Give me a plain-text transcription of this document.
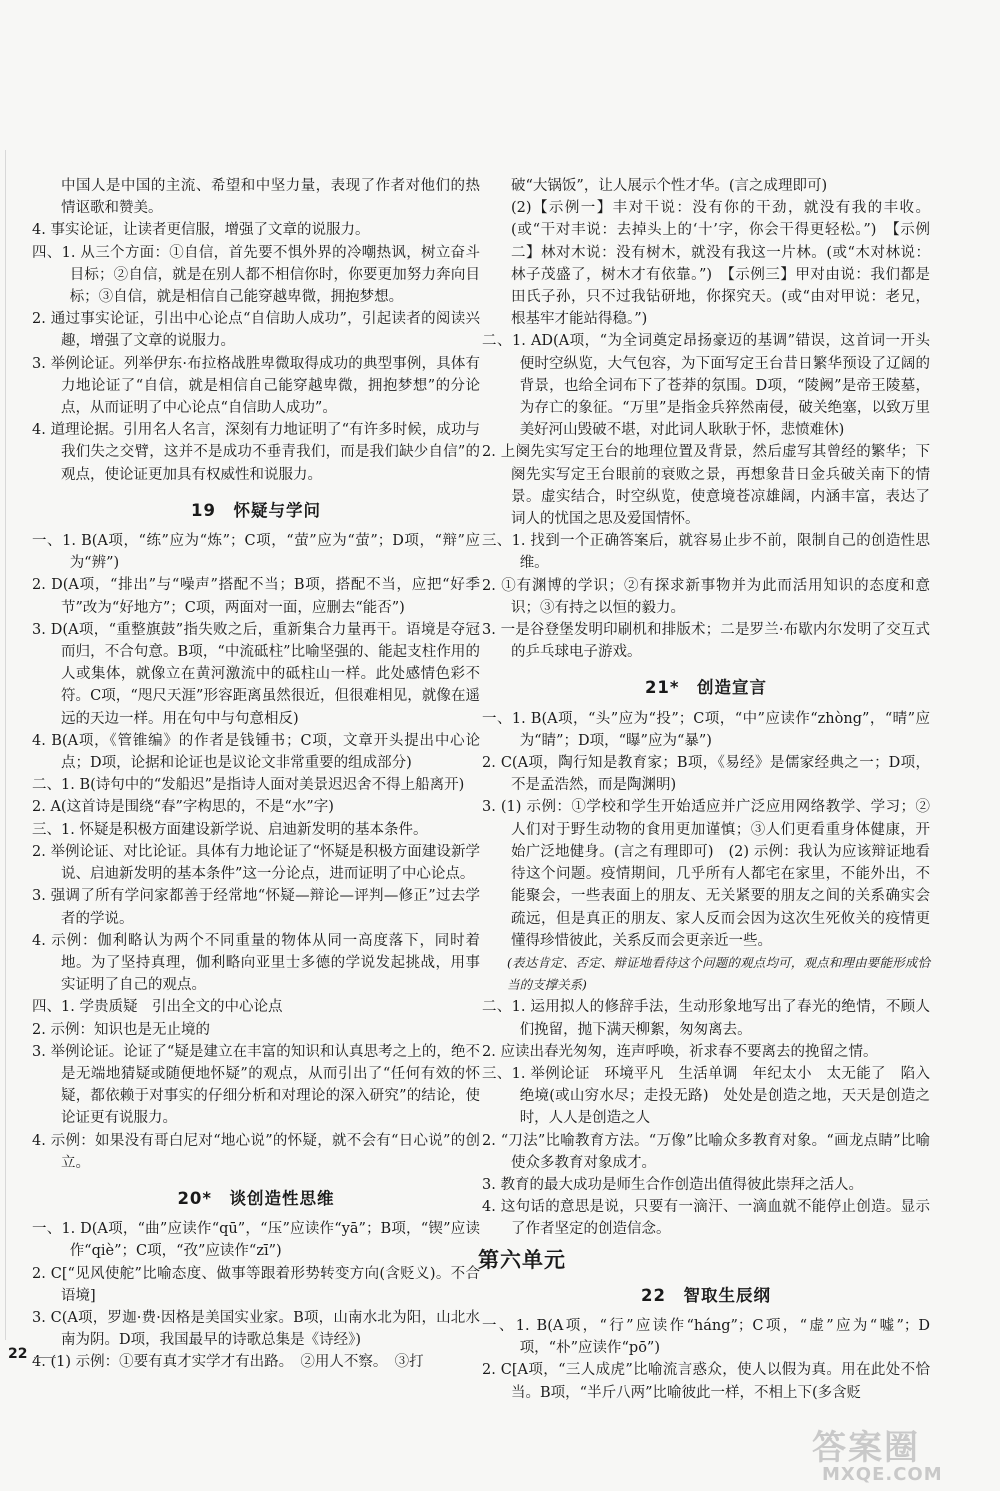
中国人是中国的主流、希望和中坚力量，表现了作者对他们的热情讴歌和赞美。

4. 事实论证，让读者更信服，增强了文章的说服力。

四、1. 从三个方面：①自信，首先要不惧外界的冷嘲热讽，树立奋斗目标；②自信，就是在别人都不相信你时，你要更加努力奔向目标；③自信，就是相信自己能穿越卑微，拥抱梦想。

2. 通过事实论证，引出中心论点“自信助人成功”，引起读者的阅读兴趣，增强了文章的说服力。

3. 举例论证。列举伊东·布拉格战胜卑微取得成功的典型事例，具体有力地论证了“自信，就是相信自己能穿越卑微，拥抱梦想”的分论点，从而证明了中心论点“自信助人成功”。

4. 道理论据。引用名人名言，深刻有力地证明了“有许多时候，成功与我们失之交臂，这并不是成功不垂青我们，而是我们缺少自信”的观点，使论证更加具有权威性和说服力。

19　怀疑与学问

一、1. B(A项，“练”应为“炼”；C项，“萤”应为“萤”；D项，“辩”应为“辨”)

2. D(A项，“排出”与“噪声”搭配不当；B项，搭配不当，应把“好季节”改为“好地方”；C项，两面对一面，应删去“能否”)

3. D(A项，“重整旗鼓”指失败之后，重新集合力量再干。语境是夺冠而归，不合句意。B项，“中流砥柱”比喻坚强的、能起支柱作用的人或集体，就像立在黄河激流中的砥柱山一样。此处感情色彩不符。C项，“咫尺天涯”形容距离虽然很近，但很难相见，就像在遥远的天边一样。用在句中与句意相反)

4. B(A项，《管锥编》的作者是钱锺书；C项，文章开头提出中心论点；D项，论据和论证也是议论文非常重要的组成部分)

二、1. B(诗句中的“发船迟”是指诗人面对美景迟迟舍不得上船离开)

2. A(这首诗是围绕“春”字构思的，不是“水”字)

三、1. 怀疑是积极方面建设新学说、启迪新发明的基本条件。

2. 举例论证、对比论证。具体有力地论证了“怀疑是积极方面建设新学说、启迪新发明的基本条件”这一分论点，进而证明了中心论点。

3. 强调了所有学问家都善于经常地“怀疑—辩论—评判—修正”过去学者的学说。

4. 示例：伽利略认为两个不同重量的物体从同一高度落下，同时着地。为了坚持真理，伽利略向亚里士多德的学说发起挑战，用事实证明了自己的观点。

四、1. 学贵质疑　引出全文的中心论点

2. 示例：知识也是无止境的

3. 举例论证。论证了“疑是建立在丰富的知识和认真思考之上的，绝不是无端地猜疑或随便地怀疑”的观点，从而引出了“任何有效的怀疑，都依赖于对事实的仔细分析和对理论的深入研究”的结论，使论证更有说服力。

4. 示例：如果没有哥白尼对“地心说”的怀疑，就不会有“日心说”的创立。

20*　谈创造性思维

一、1. D(A项，“曲”应读作“qū”，“压”应读作“yā”；B项，“锲”应读作“qiè”；C项，“孜”应读作“zī”)

2. C[“见风使舵”比喻态度、做事等跟着形势转变方向(含贬义)。不合语境]

3. C(A项，罗迦·费·因格是美国实业家。B项，山南水北为阳，山北水南为阴。D项，我国最早的诗歌总集是《诗经》)

4. (1) 示例：①要有真才实学才有出路。　②用人不察。　③打

破“大锅饭”，让人展示个性才华。(言之成理即可)

(2)【示例一】丰对干说：没有你的干劲，就没有我的丰收。(或“干对丰说：去掉头上的‘十’字，你会干得更轻松。”)　【示例二】林对木说：没有树木，就没有我这一片林。(或“木对林说：林子茂盛了，树木才有依靠。”)　【示例三】甲对由说：我们都是田氏子孙，只不过我钻研地，你探究天。(或“由对甲说：老兄，根基牢才能站得稳。”)

二、1. AD(A项，“为全词奠定昂扬豪迈的基调”错误，这首词一开头便时空纵览，大气包容，为下面写定王台昔日繁华预设了辽阔的背景，也给全词布下了苍莽的氛围。D项，“陵阙”是帝王陵墓，为存亡的象征。“万里”是指金兵猝然南侵，破关绝塞，以致万里美好河山毁破不堪，对此词人耿耿于怀，悲愤难休)

2. 上阕先实写定王台的地理位置及背景，然后虚写其曾经的繁华；下阕先实写定王台眼前的衰败之景，再想象昔日金兵破关南下的情景。虚实结合，时空纵览，使意境苍凉雄阔，内涵丰富，表达了词人的忧国之思及爱国情怀。

三、1. 找到一个正确答案后，就容易止步不前，限制自己的创造性思维。

2. ①有渊博的学识；②有探求新事物并为此而活用知识的态度和意识；③有持之以恒的毅力。

3. 一是谷登堡发明印刷机和排版术；二是罗兰·布歇内尔发明了交互式的乒乓球电子游戏。

21*　创造宣言

一、1. B(A项，“头”应为“投”；C项，“中”应读作“zhòng”，“晴”应为“睛”；D项，“曝”应为“暴”)

2. C(A项，陶行知是教育家；B项，《易经》是儒家经典之一；D项，不是孟浩然，而是陶渊明)

3. (1) 示例：①学校和学生开始适应并广泛应用网络教学、学习；②人们对于野生动物的食用更加谨慎；③人们更看重身体健康，开始广泛地健身。(言之有理即可)　(2) 示例：我认为应该辩证地看待这个问题。疫情期间，几乎所有人都宅在家里，不能外出，不能聚会，一些表面上的朋友、无关紧要的朋友之间的关系确实会疏远，但是真正的朋友、家人反而会因为这次生死攸关的疫情更懂得珍惜彼此，关系反而会更亲近一些。

(表达肯定、否定、辩证地看待这个问题的观点均可，观点和理由要能形成恰当的支撑关系)

二、1. 运用拟人的修辞手法，生动形象地写出了春光的绝情，不顾人们挽留，抛下满天柳絮，匆匆离去。

2. 应读出春光匆匆，连声呼唤，祈求春不要离去的挽留之情。

三、1. 举例论证　环境平凡　生活单调　年纪太小　太无能了　陷入绝境(或山穷水尽；走投无路)　处处是创造之地，天天是创造之时，人人是创造之人

2. “刀法”比喻教育方法。“万像”比喻众多教育对象。“画龙点睛”比喻使众多教育对象成才。

3. 教育的最大成功是师生合作创造出值得彼此崇拜之活人。

4. 这句话的意思是说，只要有一滴汗、一滴血就不能停止创造。显示了作者坚定的创造信念。

第六单元
22　智取生辰纲

一、1. B(A项，“行”应读作“háng”；C项，“虚”应为“嘘”；D项，“朴”应读作“pō”)

2. C[A项，“三人成虎”比喻流言惑众，使人以假为真。用在此处不恰当。B项，“半斤八两”比喻彼此一样，不相上下(多含贬

22
答案圈
MXQE.COM
